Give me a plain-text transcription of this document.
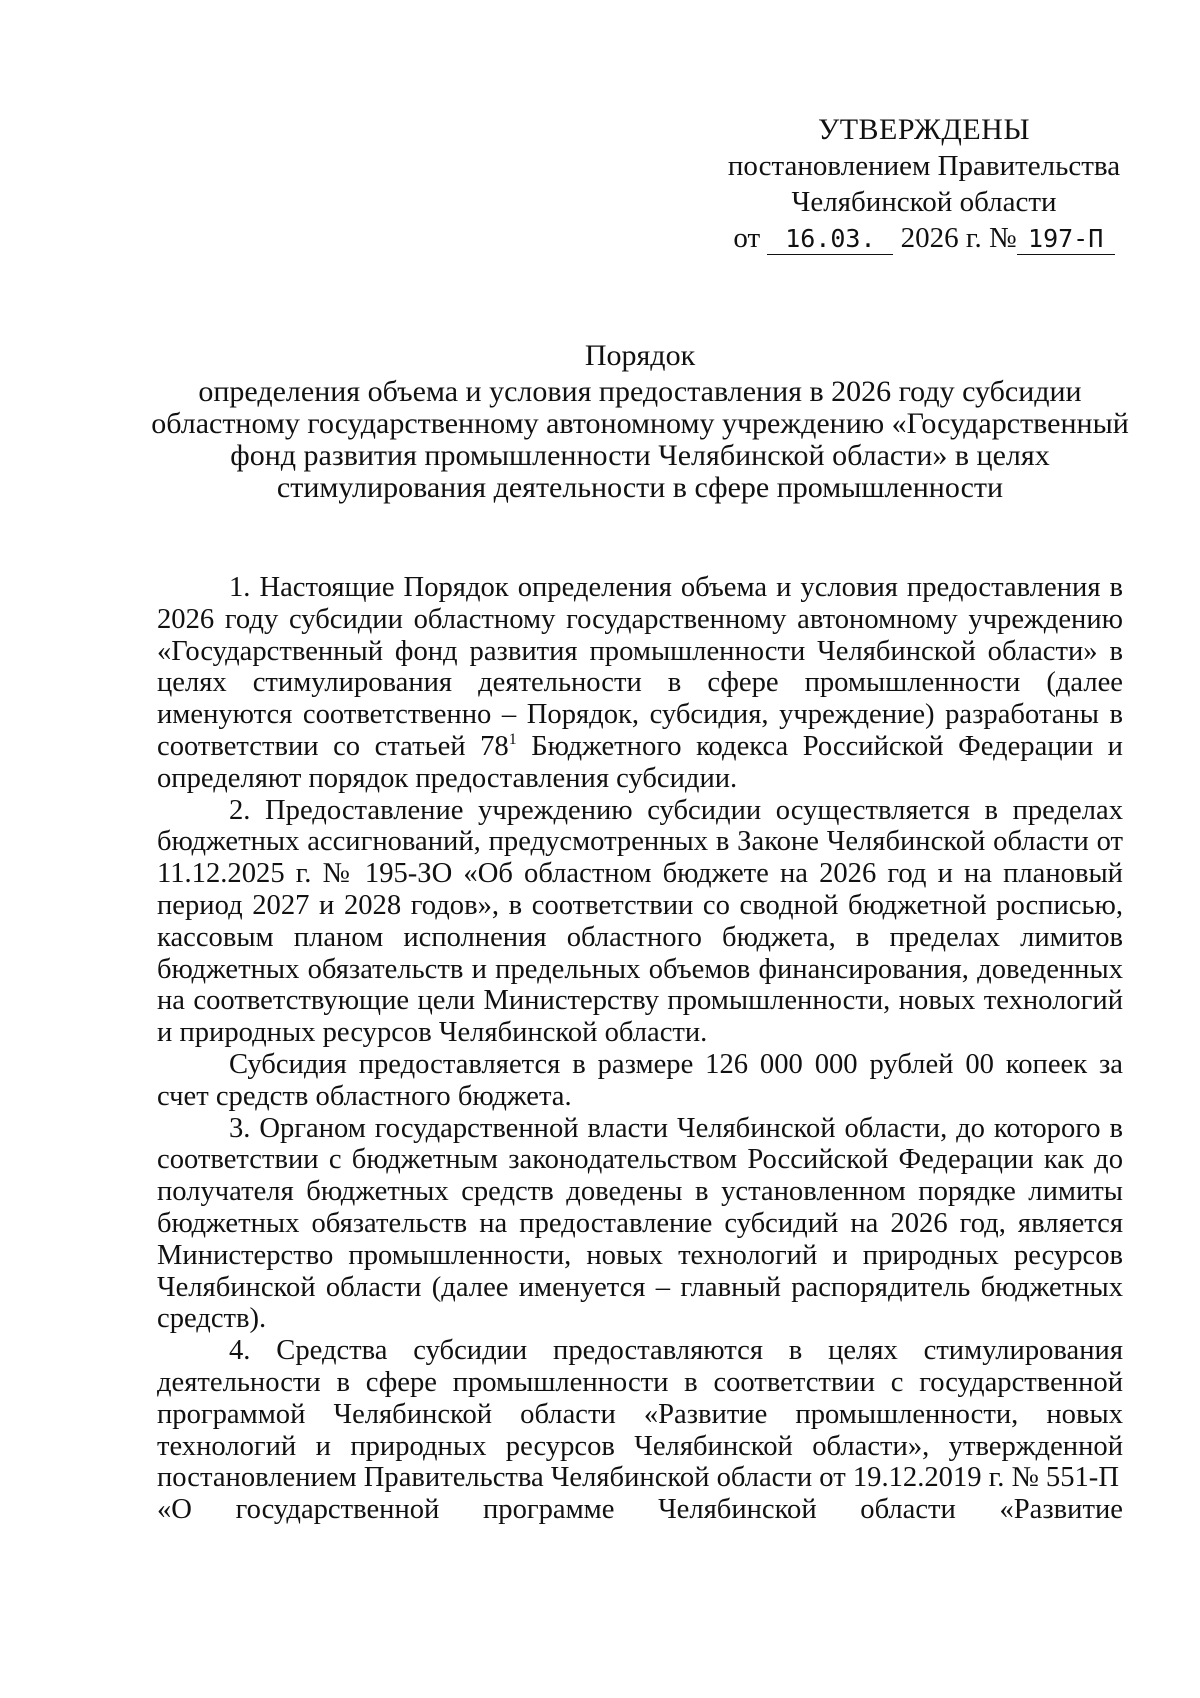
УТВЕРЖДЕНЫ
постановлением Правительства
Челябинской области
от 16.03. 2026 г. № 197-П
Порядок
определения объема и условия предоставления в 2026 году субсидии областному государственному автономному учреждению «Государственный фонд развития промышленности Челябинской области» в целях стимулирования деятельности в сфере промышленности

1. Настоящие Порядок определения объема и условия предоставления в 2026 году субсидии областному государственному автономному учреждению «Государственный фонд развития промышленности Челябинской области» в целях стимулирования деятельности в сфере промышленности (далее именуются соответственно – Порядок, субсидия, учреждение) разработаны в соответствии со статьей $78^1$ Бюджетного кодекса Российской Федерации и определяют порядок предоставления субсидии.

2. Предоставление учреждению субсидии осуществляется в пределах бюджетных ассигнований, предусмотренных в Законе Челябинской области от 11.12.2025 г. № 195-ЗО «Об областном бюджете на 2026 год и на плановый период 2027 и 2028 годов», в соответствии со сводной бюджетной росписью, кассовым планом исполнения областного бюджета, в пределах лимитов бюджетных обязательств и предельных объемов финансирования, доведенных на соответствующие цели Министерству промышленности, новых технологий и природных ресурсов Челябинской области.

Субсидия предоставляется в размере 126 000 000 рублей 00 копеек за счет средств областного бюджета.

3. Органом государственной власти Челябинской области, до которого в соответствии с бюджетным законодательством Российской Федерации как до получателя бюджетных средств доведены в установленном порядке лимиты бюджетных обязательств на предоставление субсидий на 2026 год, является Министерство промышленности, новых технологий и природных ресурсов Челябинской области (далее именуется – главный распорядитель бюджетных средств).

4. Средства субсидии предоставляются в целях стимулирования деятельности в сфере промышленности в соответствии с государственной программой Челябинской области «Развитие промышленности, новых технологий и природных ресурсов Челябинской области», утвержденной постановлением Правительства Челябинской области от 19.12.2019 г. № 551-П

«О государственной программе Челябинской области «Развитие
